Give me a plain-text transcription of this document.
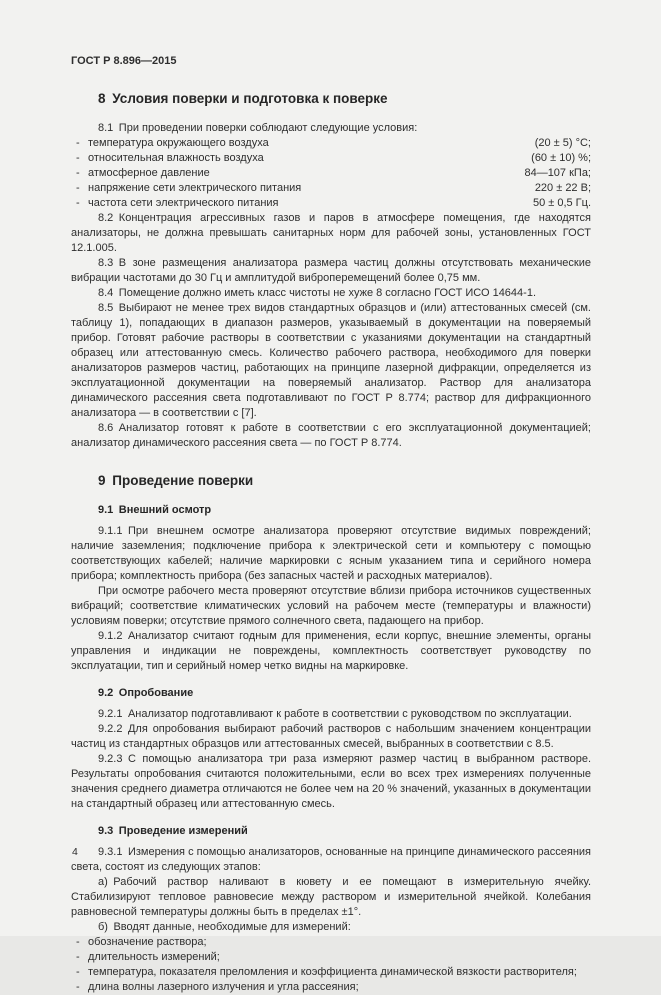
ГОСТ Р 8.896—2015
8 Условия поверки и подготовка к поверке

8.1 При проведении поверки соблюдают следующие условия:

- температура окружающего воздуха	(20 ± 5) °С;
- относительная влажность воздуха	(60 ± 10) %;
- атмосферное давление	84—107 кПа;
- напряжение сети электрического питания	220 ± 22 В;
- частота сети электрического питания	50 ± 0,5 Гц.

8.2 Концентрация агрессивных газов и паров в атмосфере помещения, где находятся анализаторы, не должна превышать санитарных норм для рабочей зоны, установленных ГОСТ 12.1.005.

8.3 В зоне размещения анализатора размера частиц должны отсутствовать механические вибрации частотами до 30 Гц и амплитудой виброперемещений более 0,75 мм.

8.4 Помещение должно иметь класс чистоты не хуже 8 согласно ГОСТ ИСО 14644-1.

8.5 Выбирают не менее трех видов стандартных образцов и (или) аттестованных смесей (см. таблицу 1), попадающих в диапазон размеров, указываемый в документации на поверяемый прибор. Готовят рабочие растворы в соответствии с указаниями документации на стандартный образец или аттестованную смесь. Количество рабочего раствора, необходимого для поверки анализаторов размеров частиц, работающих на принципе лазерной дифракции, определяется из эксплуатационной документации на поверяемый анализатор. Раствор для анализатора динамического рассеяния света подготавливают по ГОСТ Р 8.774; раствор для дифракционного анализатора — в соответствии с [7].

8.6 Анализатор готовят к работе в соответствии с его эксплуатационной документацией; анализатор динамического рассеяния света — по ГОСТ Р 8.774.

9 Проведение поверки
9.1 Внешний осмотр

9.1.1 При внешнем осмотре анализатора проверяют отсутствие видимых повреждений; наличие заземления; подключение прибора к электрической сети и компьютеру с помощью соответствующих кабелей; наличие маркировки с ясным указанием типа и серийного номера прибора; комплектность прибора (без запасных частей и расходных материалов).

При осмотре рабочего места проверяют отсутствие вблизи прибора источников существенных вибраций; соответствие климатических условий на рабочем месте (температуры и влажности) условиям поверки; отсутствие прямого солнечного света, падающего на прибор.

9.1.2 Анализатор считают годным для применения, если корпус, внешние элементы, органы управления и индикации не повреждены, комплектность соответствует руководству по эксплуатации, тип и серийный номер четко видны на маркировке.

9.2 Опробование

9.2.1 Анализатор подготавливают к работе в соответствии с руководством по эксплуатации.

9.2.2 Для опробования выбирают рабочий растворов с набольшим значением концентрации частиц из стандартных образцов или аттестованных смесей, выбранных в соответствии с 8.5.

9.2.3 С помощью анализатора три раза измеряют размер частиц в выбранном растворе. Результаты опробования считаются положительными, если во всех трех измерениях полученные значения среднего диаметра отличаются не более чем на 20 % значений, указанных в документации на стандартный образец или аттестованную смесь.

9.3 Проведение измерений

9.3.1 Измерения с помощью анализаторов, основанные на принципе динамического рассеяния света, состоят из следующих этапов:

а) Рабочий раствор наливают в кювету и ее помещают в измерительную ячейку. Стабилизируют тепловое равновесие между раствором и измерительной ячейкой. Колебания равновесной температуры должны быть в пределах ±1°.

б) Вводят данные, необходимые для измерений:

- обозначение раствора;
- длительность измерений;
- температура, показателя преломления и коэффициента динамической вязкости растворителя;
- длина волны лазерного излучения и угла рассеяния;
4
